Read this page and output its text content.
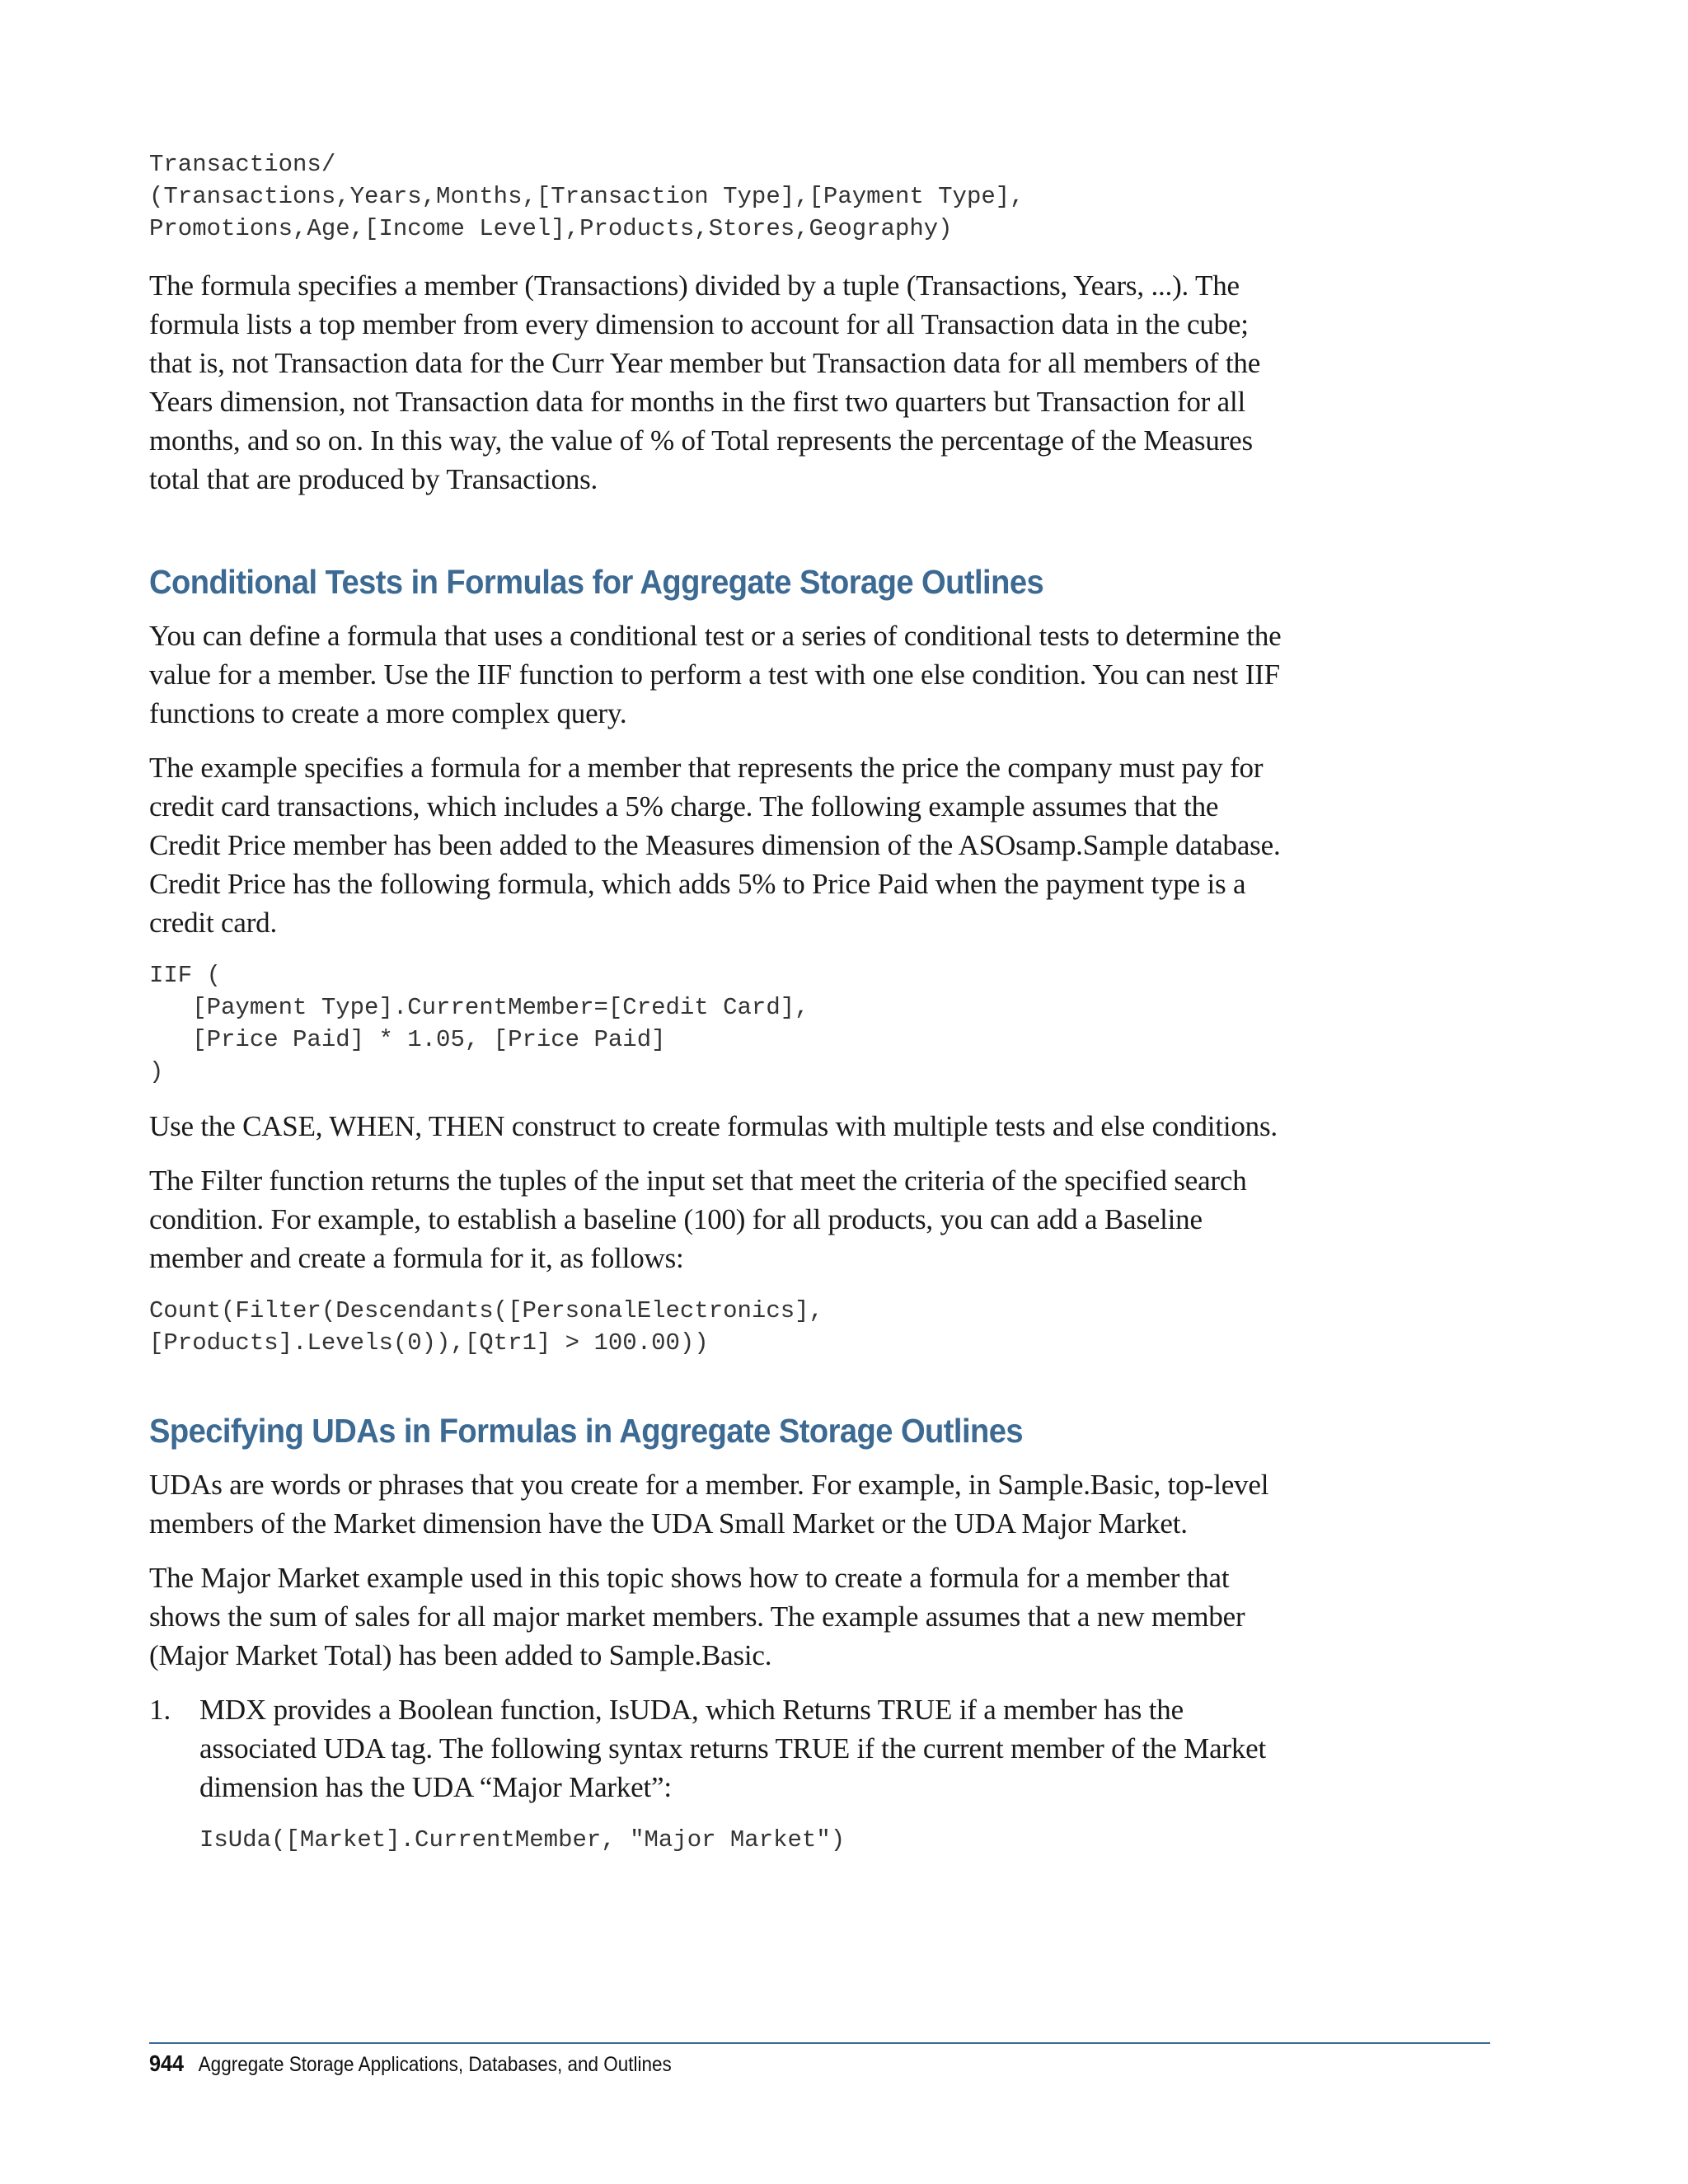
Transactions/
(Transactions,Years,Months,[Transaction Type],[Payment Type],
Promotions,Age,[Income Level],Products,Stores,Geography)

The formula specifies a member (Transactions) divided by a tuple (Transactions, Years, ...). The formula lists a top member from every dimension to account for all Transaction data in the cube; that is, not Transaction data for the Curr Year member but Transaction data for all members of the Years dimension, not Transaction data for months in the first two quarters but Transaction for all months, and so on. In this way, the value of % of Total represents the percentage of the Measures total that are produced by Transactions.

Conditional Tests in Formulas for Aggregate Storage Outlines

You can define a formula that uses a conditional test or a series of conditional tests to determine the value for a member. Use the IIF function to perform a test with one else condition. You can nest IIF functions to create a more complex query.

The example specifies a formula for a member that represents the price the company must pay for credit card transactions, which includes a 5% charge. The following example assumes that the Credit Price member has been added to the Measures dimension of the ASOsamp.Sample database. Credit Price has the following formula, which adds 5% to Price Paid when the payment type is a credit card.

IIF (
[Payment Type].CurrentMember=[Credit Card],
[Price Paid] * 1.05, [Price Paid]
)

Use the CASE, WHEN, THEN construct to create formulas with multiple tests and else conditions.

The Filter function returns the tuples of the input set that meet the criteria of the specified search condition. For example, to establish a baseline (100) for all products, you can add a Baseline member and create a formula for it, as follows:

Count(Filter(Descendants([PersonalElectronics],
[Products].Levels(0)),[Qtr1] > 100.00))
Specifying UDAs in Formulas in Aggregate Storage Outlines

UDAs are words or phrases that you create for a member. For example, in Sample.Basic, top-level members of the Market dimension have the UDA Small Market or the UDA Major Market.

The Major Market example used in this topic shows how to create a formula for a member that shows the sum of sales for all major market members. The example assumes that a new member (Major Market Total) has been added to Sample.Basic.

1. MDX provides a Boolean function, IsUDA, which Returns TRUE if a member has the associated UDA tag. The following syntax returns TRUE if the current member of the Market dimension has the UDA “Major Market”:

IsUda([Market].CurrentMember, "Major Market")
944 Aggregate Storage Applications, Databases, and Outlines
